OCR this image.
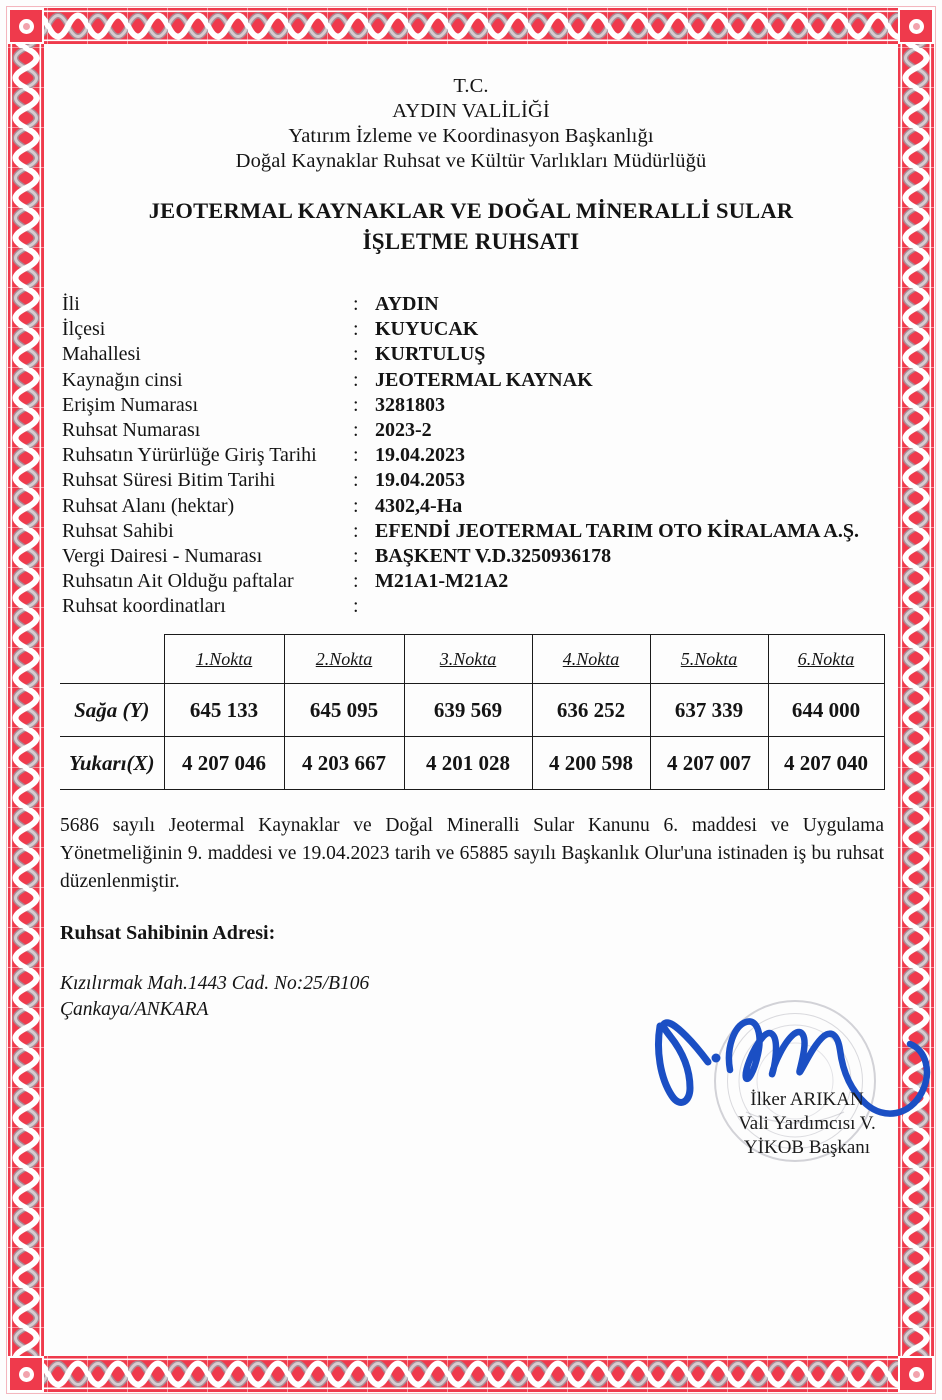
T.C.
AYDIN VALİLİĞİ
Yatırım İzleme ve Koordinasyon Başkanlığı
Doğal Kaynaklar Ruhsat ve Kültür Varlıkları Müdürlüğü
JEOTERMAL KAYNAKLAR VE DOĞAL MİNERALLİ SULAR
İŞLETME RUHSATI
İli	: AYDIN
İlçesi	: KUYUCAK
Mahallesi	: KURTULUŞ
Kaynağın cinsi	: JEOTERMAL KAYNAK
Erişim Numarası	: 3281803
Ruhsat Numarası	: 2023-2
Ruhsatın Yürürlüğe Giriş Tarihi	: 19.04.2023
Ruhsat Süresi Bitim Tarihi	: 19.04.2053
Ruhsat Alanı (hektar)	: 4302,4-Ha
Ruhsat Sahibi	: EFENDİ JEOTERMAL TARIM OTO KİRALAMA A.Ş.
Vergi Dairesi - Numarası	: BAŞKENT V.D.3250936178
Ruhsatın Ait Olduğu paftalar	: M21A1-M21A2
Ruhsat koordinatları	:
	1.Nokta	2.Nokta	3.Nokta	4.Nokta	5.Nokta	6.Nokta
Sağa (Y)	645 133	645 095	639 569	636 252	637 339	644 000
Yukarı(X)	4 207 046	4 203 667	4 201 028	4 200 598	4 207 007	4 207 040
5686 sayılı Jeotermal Kaynaklar ve Doğal Mineralli Sular Kanunu 6. maddesi ve Uygulama Yönetmeliğinin 9. maddesi ve 19.04.2023 tarih ve 65885 sayılı Başkanlık Olur'una istinaden iş bu ruhsat düzenlenmiştir.
Ruhsat Sahibinin Adresi:
Kızılırmak Mah.1443 Cad. No:25/B106
Çankaya/ANKARA
İlker ARIKAN
Vali Yardımcısı V.
YİKOB Başkanı
